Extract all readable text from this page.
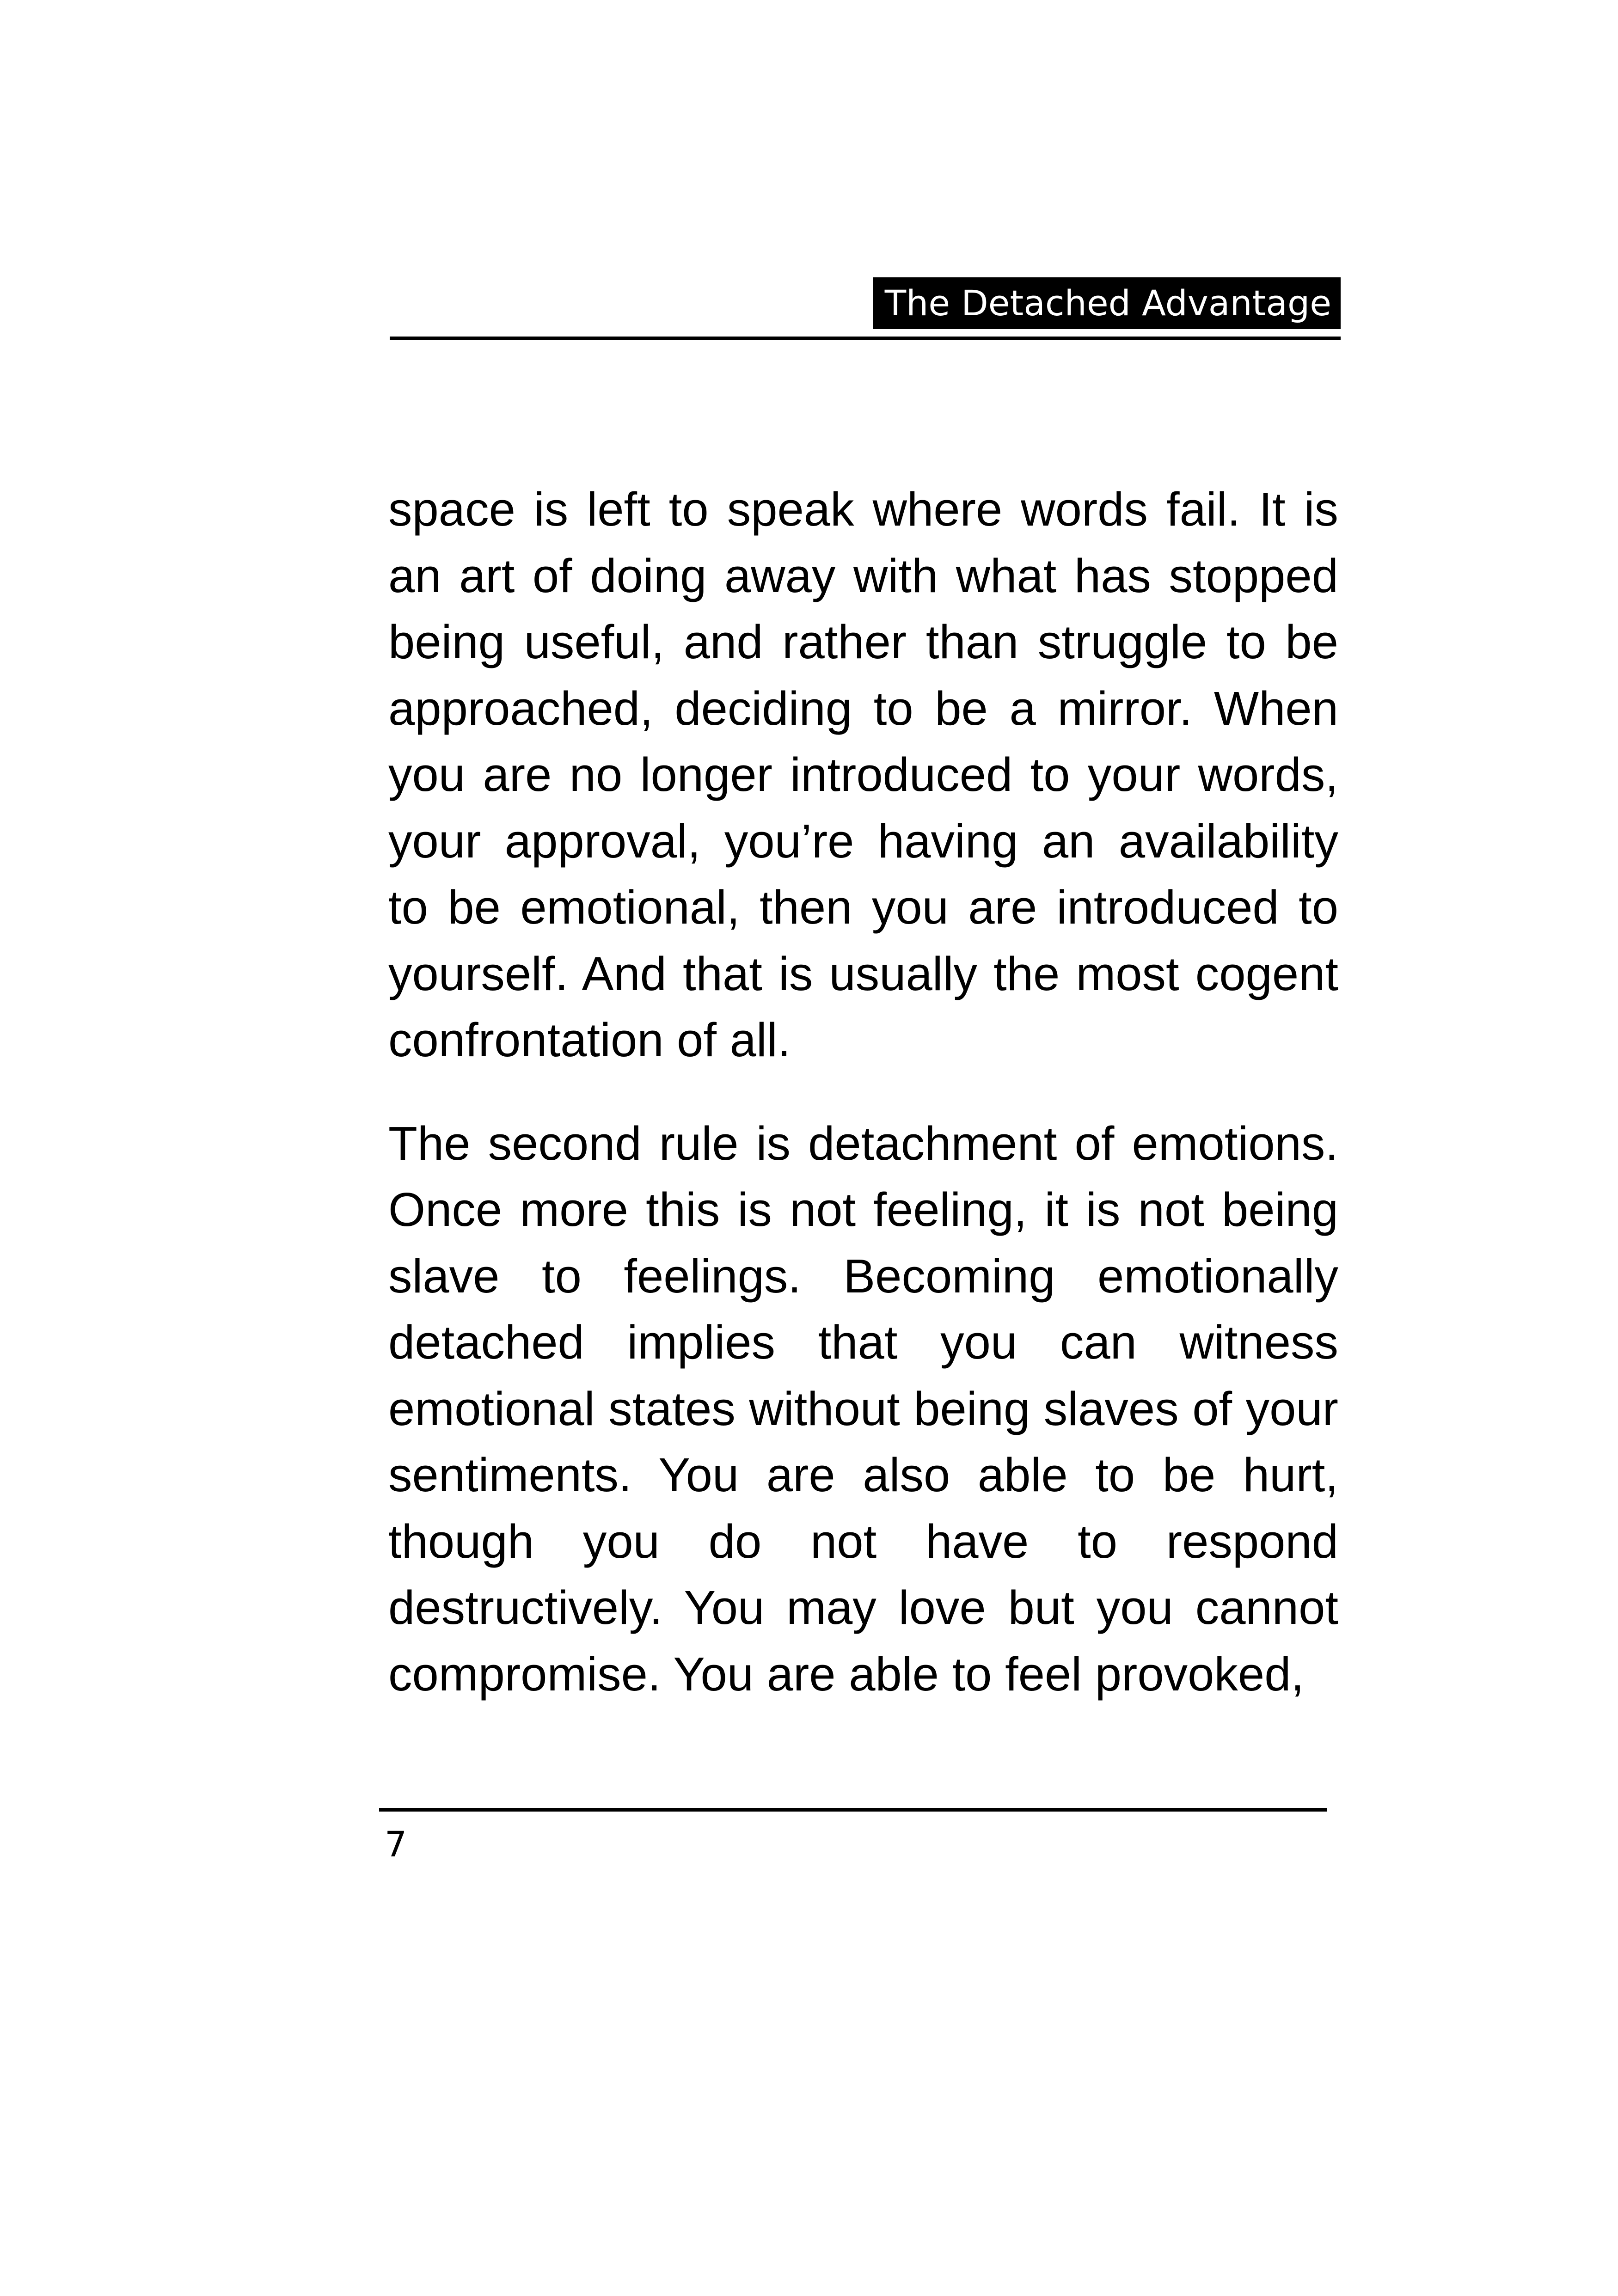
The Detached Advantage

space is left to speak where words fail. It is an art of doing away with what has stopped being useful, and rather than struggle to be approached, deciding to be a mirror. When you are no longer introduced to your words, your approval, you’re having an availability to be emotional, then you are introduced to yourself. And that is usually the most cogent confrontation of all.

The second rule is detachment of emotions. Once more this is not feeling, it is not being slave to feelings. Becoming emotionally detached implies that you can witness emotional states without being slaves of your sentiments. You are also able to be hurt, though you do not have to respond destructively. You may love but you cannot compromise. You are able to feel provoked,

7
